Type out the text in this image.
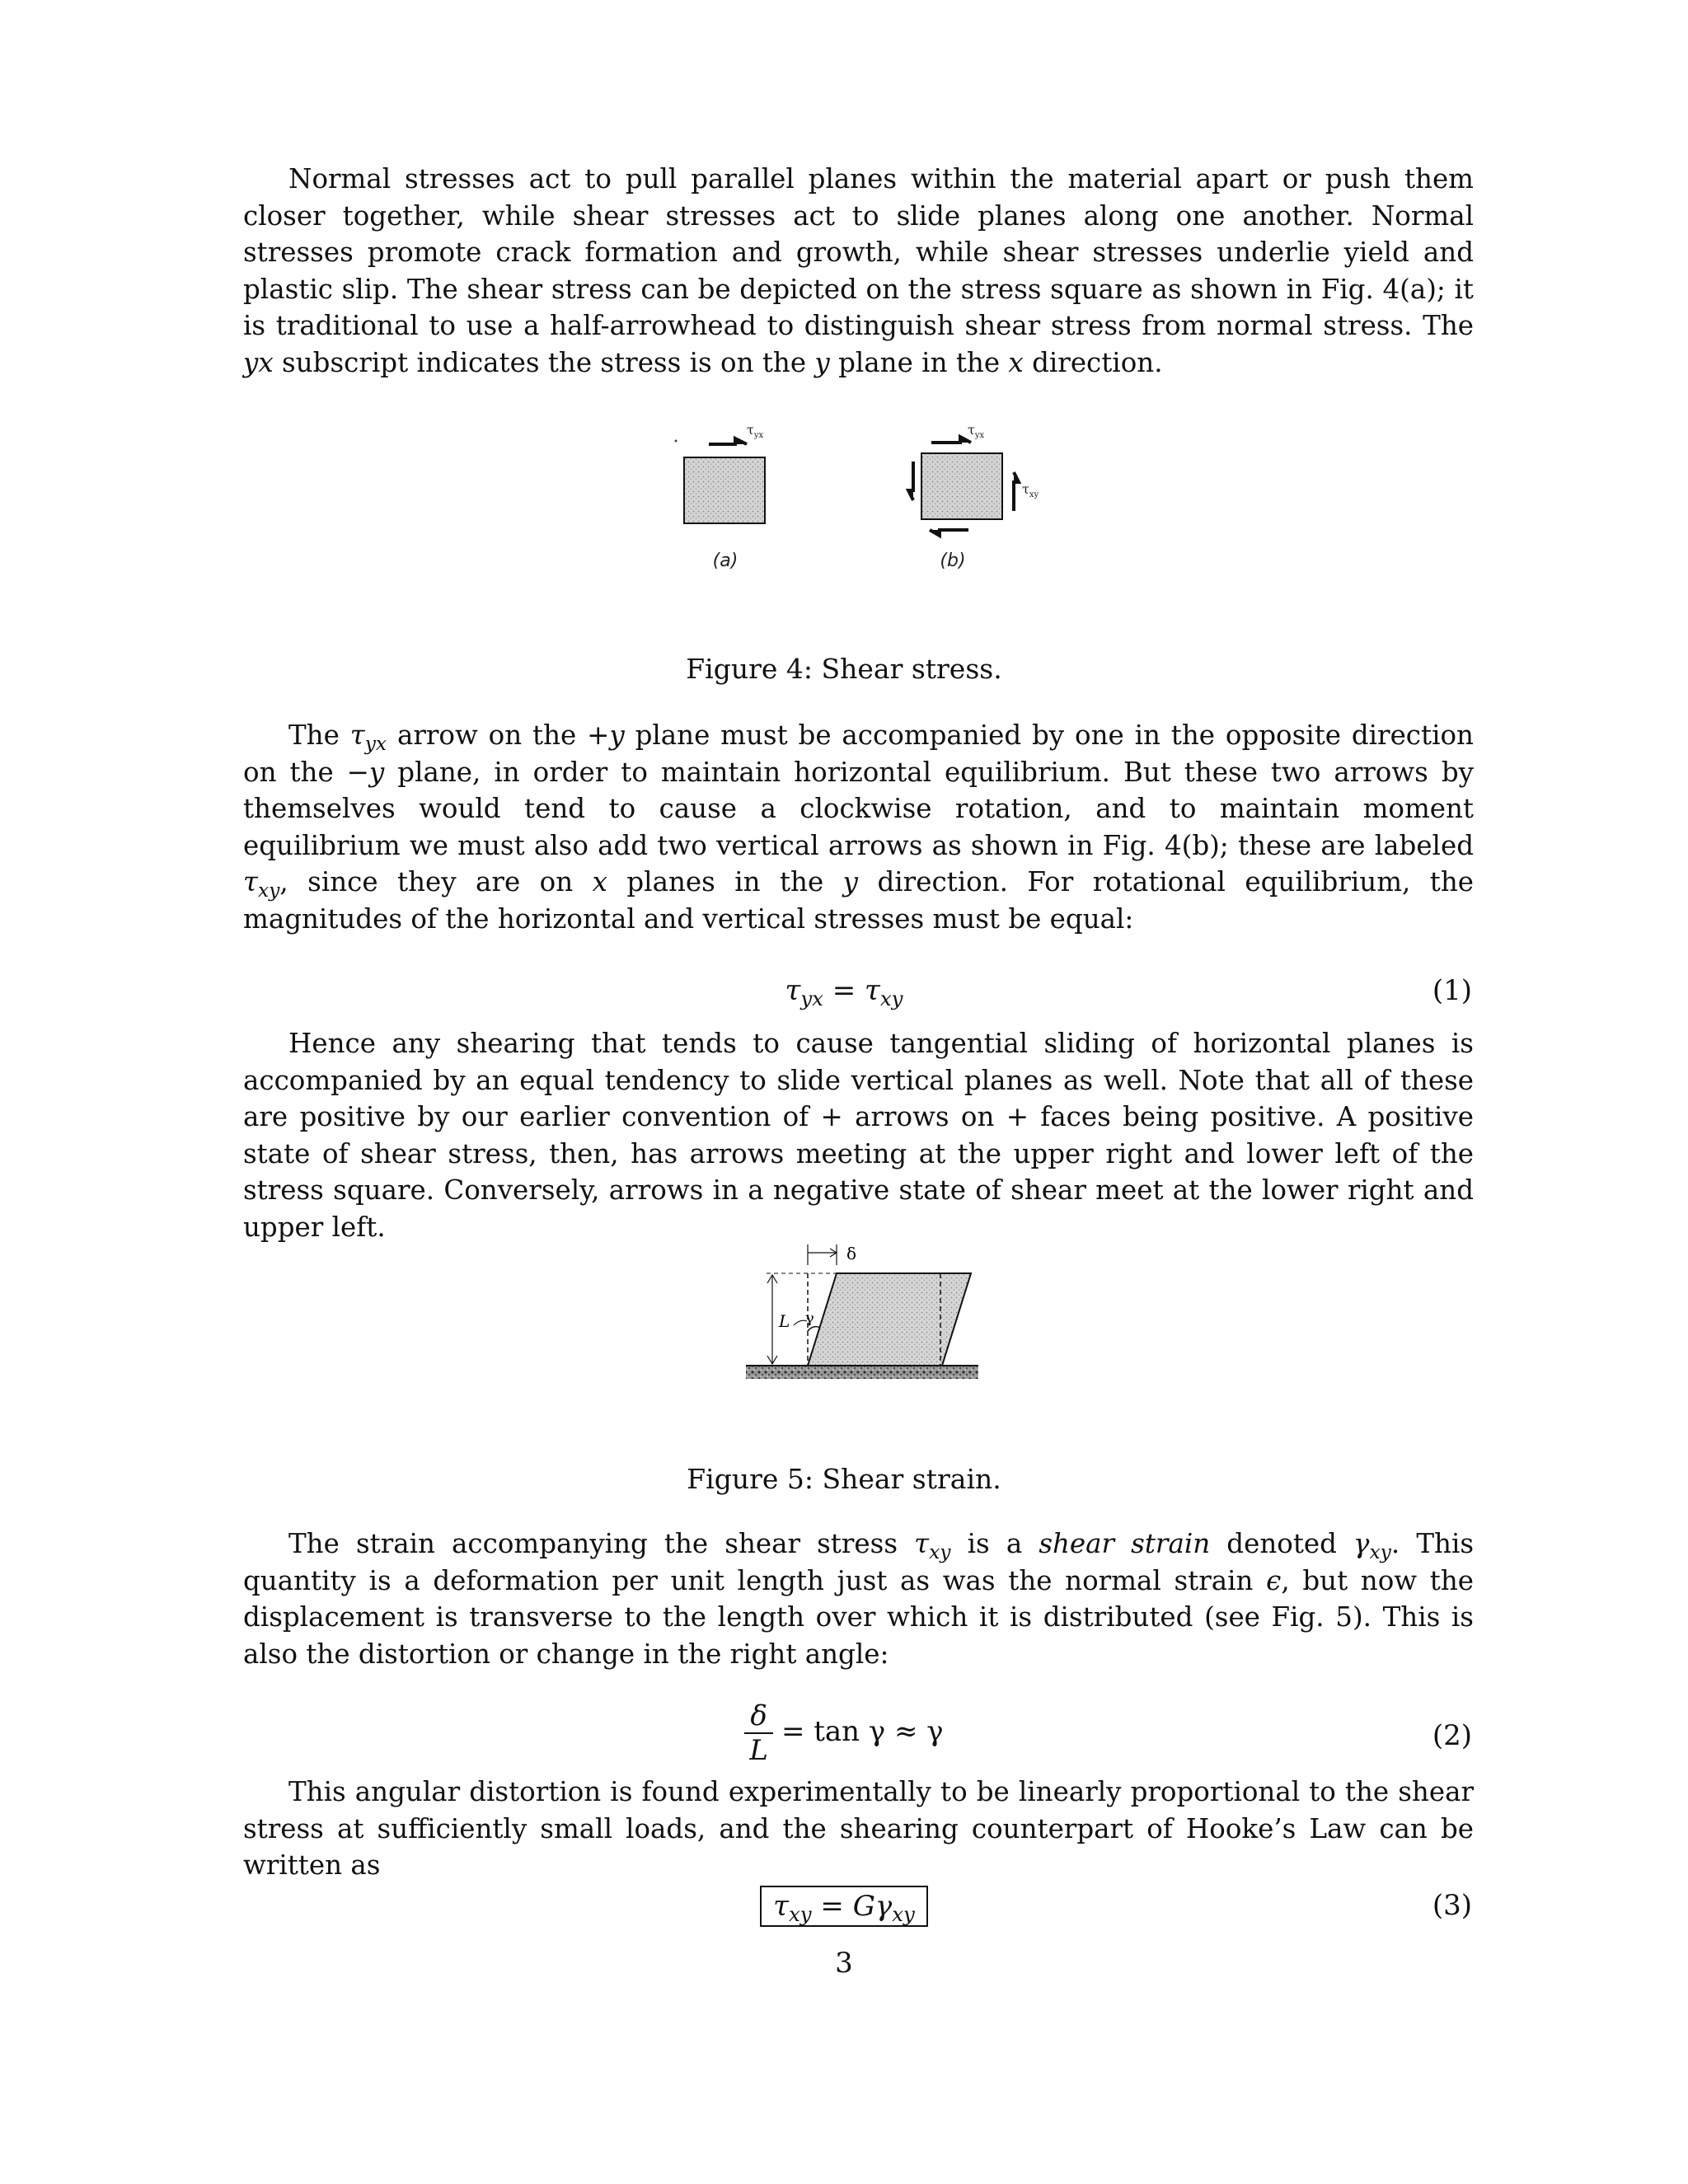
Normal stresses act to pull parallel planes within the material apart or push them closer together, while shear stresses act to slide planes along one another. Normal stresses promote crack formation and growth, while shear stresses underlie yield and plastic slip. The shear stress can be depicted on the stress square as shown in Fig. 4(a); it is traditional to use a half-arrowhead to distinguish shear stress from normal stress. The yx subscript indicates the stress is on the y plane in the x direction.

$\tau_{yx}$
(a)
$\tau_{yx}$
$\tau_{xy}$
(b)
Figure 4: Shear stress.

The $\tau_{yx}$ arrow on the +y plane must be accompanied by one in the opposite direction on the −y plane, in order to maintain horizontal equilibrium. But these two arrows by themselves would tend to cause a clockwise rotation, and to maintain moment equilibrium we must also add two vertical arrows as shown in Fig. 4(b); these are labeled $\tau_{xy}$, since they are on x planes in the y direction. For rotational equilibrium, the magnitudes of the horizontal and vertical stresses must be equal:

$\tau_{yx} = \tau_{xy}$	(1)

Hence any shearing that tends to cause tangential sliding of horizontal planes is accompanied by an equal tendency to slide vertical planes as well. Note that all of these are positive by our earlier convention of + arrows on + faces being positive. A positive state of shear stress, then, has arrows meeting at the upper right and lower left of the stress square. Conversely, arrows in a negative state of shear meet at the lower right and upper left.

δ
L γ
Figure 5: Shear strain.

The strain accompanying the shear stress $\tau_{xy}$ is a shear strain denoted $\gamma_{xy}$. This quantity is a deformation per unit length just as was the normal strain ϵ, but now the displacement is transverse to the length over which it is distributed (see Fig. 5). This is also the distortion or change in the right angle:

$\frac{\delta}{L} = \tan \gamma \approx \gamma$	(2)

This angular distortion is found experimentally to be linearly proportional to the shear stress at sufficiently small loads, and the shearing counterpart of Hooke’s Law can be written as

$\tau_{xy} = G\gamma_{xy}$	(3)
3
